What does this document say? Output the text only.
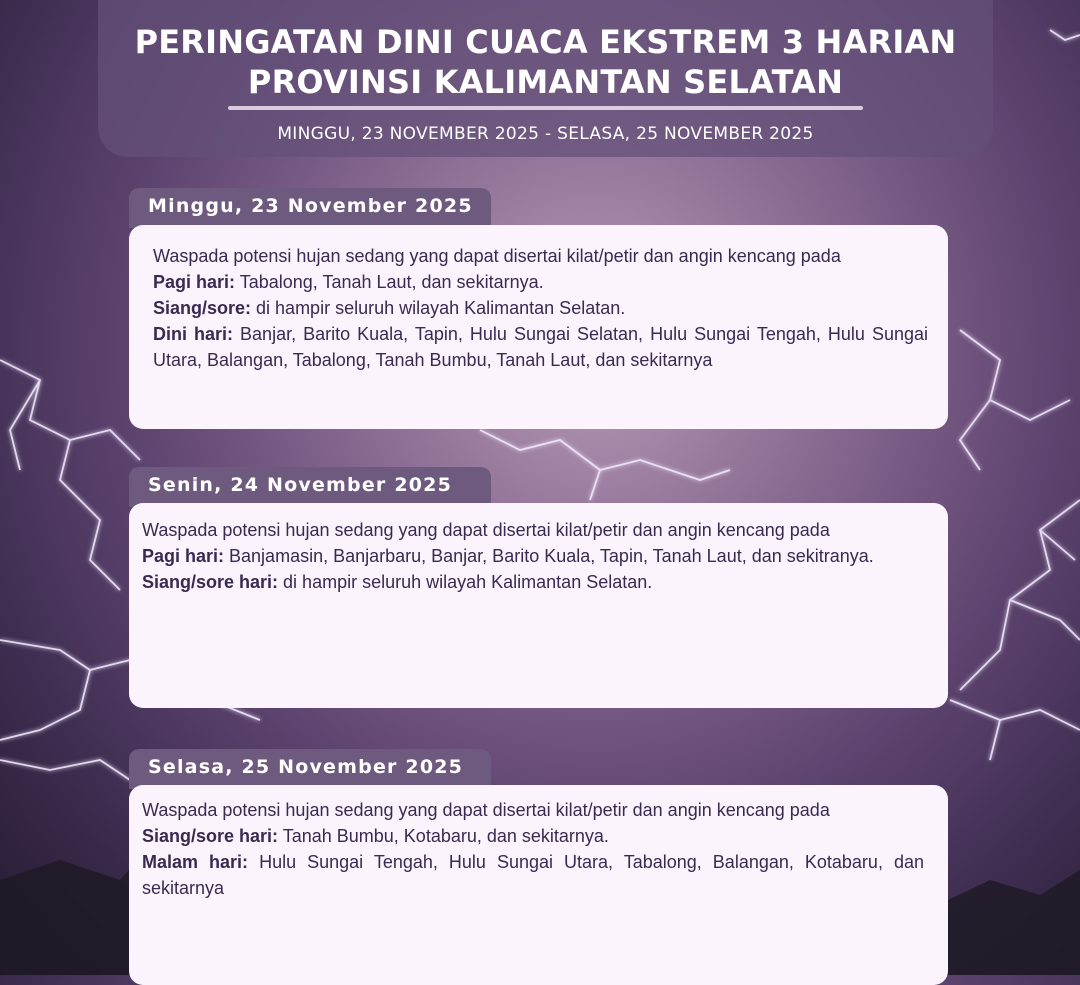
PERINGATAN DINI CUACA EKSTREM 3 HARIAN
PROVINSI KALIMANTAN SELATAN
MINGGU, 23 NOVEMBER 2025 - SELASA, 25 NOVEMBER 2025
Minggu, 23 November 2025

Waspada potensi hujan sedang yang dapat disertai kilat/petir dan angin kencang pada

Pagi hari: Tabalong, Tanah Laut, dan sekitarnya.

Siang/sore: di hampir seluruh wilayah Kalimantan Selatan.

Dini hari: Banjar, Barito Kuala, Tapin, Hulu Sungai Selatan, Hulu Sungai Tengah, Hulu Sungai Utara, Balangan, Tabalong, Tanah Bumbu, Tanah Laut, dan sekitarnya

Senin, 24 November 2025

Waspada potensi hujan sedang yang dapat disertai kilat/petir dan angin kencang pada

Pagi hari: Banjamasin, Banjarbaru, Banjar, Barito Kuala, Tapin, Tanah Laut, dan sekitranya.

Siang/sore hari: di hampir seluruh wilayah Kalimantan Selatan.

Selasa, 25 November 2025

Waspada potensi hujan sedang yang dapat disertai kilat/petir dan angin kencang pada

Siang/sore hari: Tanah Bumbu, Kotabaru, dan sekitarnya.

Malam hari: Hulu Sungai Tengah, Hulu Sungai Utara, Tabalong, Balangan, Kotabaru, dan sekitarnya
